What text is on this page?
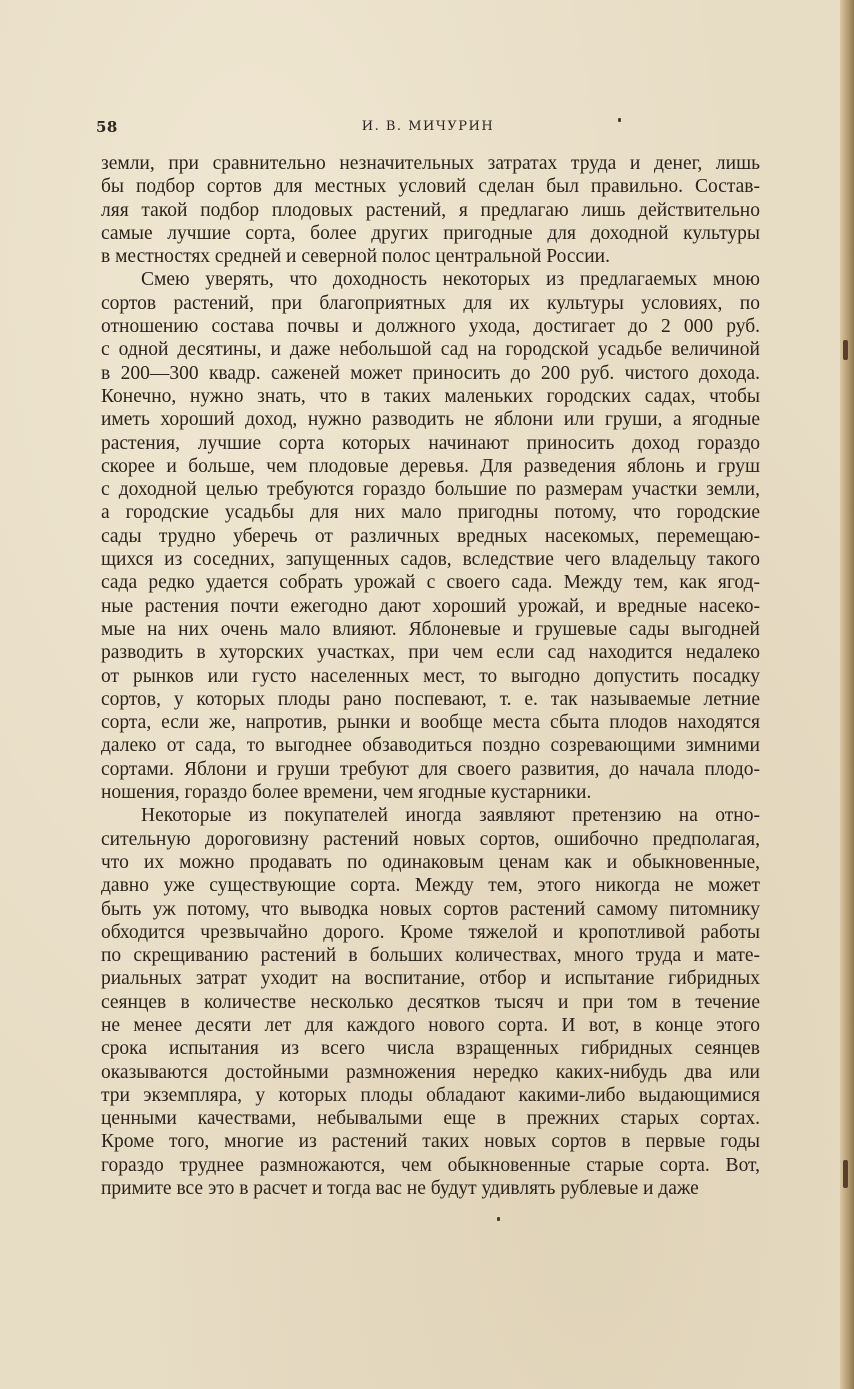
58	И. В. МИЧУРИН
земли, при сравнительно незначительных затратах труда и денег, лишь
бы подбор сортов для местных условий сделан был правильно. Состав-
ляя такой подбор плодовых растений, я предлагаю лишь действительно
самые лучшие сорта, более других пригодные для доходной культуры
в местностях средней и северной полос центральной России.
Смею уверять, что доходность некоторых из предлагаемых мною
сортов растений, при благоприятных для их культуры условиях, по
отношению состава почвы и должного ухода, достигает до 2 000 руб.
с одной десятины, и даже небольшой сад на городской усадьбе величиной
в 200—300 квадр. саженей может приносить до 200 руб. чистого дохода.
Конечно, нужно знать, что в таких маленьких городских садах, чтобы
иметь хороший доход, нужно разводить не яблони или груши, а ягодные
растения, лучшие сорта которых начинают приносить доход гораздо
скорее и больше, чем плодовые деревья. Для разведения яблонь и груш
с доходной целью требуются гораздо большие по размерам участки земли,
а городские усадьбы для них мало пригодны потому, что городские
сады трудно уберечь от различных вредных насекомых, перемещаю-
щихся из соседних, запущенных садов, вследствие чего владельцу такого
сада редко удается собрать урожай с своего сада. Между тем, как ягод-
ные растения почти ежегодно дают хороший урожай, и вредные насеко-
мые на них очень мало влияют. Яблоневые и грушевые сады выгодней
разводить в хуторских участках, при чем если сад находится недалеко
от рынков или густо населенных мест, то выгодно допустить посадку
сортов, у которых плоды рано поспевают, т. е. так называемые летние
сорта, если же, напротив, рынки и вообще места сбыта плодов находятся
далеко от сада, то выгоднее обзаводиться поздно созревающими зимними
сортами. Яблони и груши требуют для своего развития, до начала плодо-
ношения, гораздо более времени, чем ягодные кустарники.
Некоторые из покупателей иногда заявляют претензию на отно-
сительную дороговизну растений новых сортов, ошибочно предполагая,
что их можно продавать по одинаковым ценам как и обыкновенные,
давно уже существующие сорта. Между тем, этого никогда не может
быть уж потому, что выводка новых сортов растений самому питомнику
обходится чрезвычайно дорого. Кроме тяжелой и кропотливой работы
по скрещиванию растений в больших количествах, много труда и мате-
риальных затрат уходит на воспитание, отбор и испытание гибридных
сеянцев в количестве несколько десятков тысяч и при том в течение
не менее десяти лет для каждого нового сорта. И вот, в конце этого
срока испытания из всего числа взращенных гибридных сеянцев
оказываются достойными размножения нередко каких-нибудь два или
три экземпляра, у которых плоды обладают какими-либо выдающимися
ценными качествами, небывалыми еще в прежних старых сортах.
Кроме того, многие из растений таких новых сортов в первые годы
гораздо труднее размножаются, чем обыкновенные старые сорта. Вот,
примите все это в расчет и тогда вас не будут удивлять рублевые и даже
